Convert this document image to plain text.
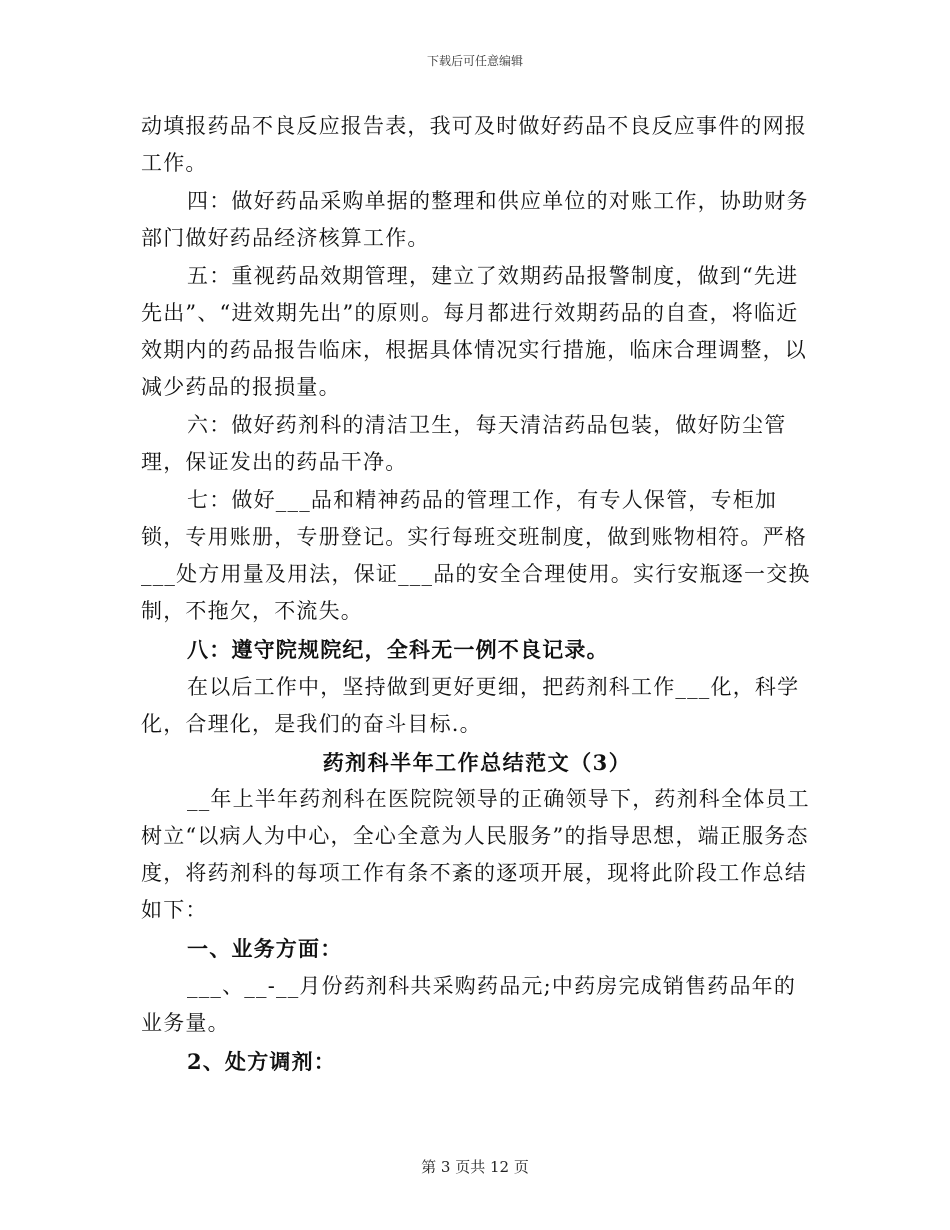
下载后可任意编辑

动填报药品不良反应报告表，我可及时做好药品不良反应事件的网报工作。

四：做好药品采购单据的整理和供应单位的对账工作，协助财务部门做好药品经济核算工作。

五：重视药品效期管理，建立了效期药品报警制度，做到“先进先出”、“进效期先出”的原则。每月都进行效期药品的自查，将临近效期内的药品报告临床，根据具体情况实行措施，临床合理调整，以减少药品的报损量。

六：做好药剂科的清洁卫生，每天清洁药品包装，做好防尘管理，保证发出的药品干净。

七：做好___品和精神药品的管理工作，有专人保管，专柜加锁，专用账册，专册登记。实行每班交班制度，做到账物相符。严格___处方用量及用法，保证___品的安全合理使用。实行安瓶逐一交换制，不拖欠，不流失。

八：遵守院规院纪，全科无一例不良记录。

在以后工作中，坚持做到更好更细，把药剂科工作___化，科学化，合理化，是我们的奋斗目标.。

药剂科半年工作总结范文（3）

__年上半年药剂科在医院院领导的正确领导下，药剂科全体员工树立“以病人为中心，全心全意为人民服务”的指导思想，端正服务态度，将药剂科的每项工作有条不紊的逐项开展，现将此阶段工作总结如下：

一、业务方面：

___、__-__月份药剂科共采购药品元;中药房完成销售药品年的业务量。

2、处方调剂：

第 3 页共 12 页
